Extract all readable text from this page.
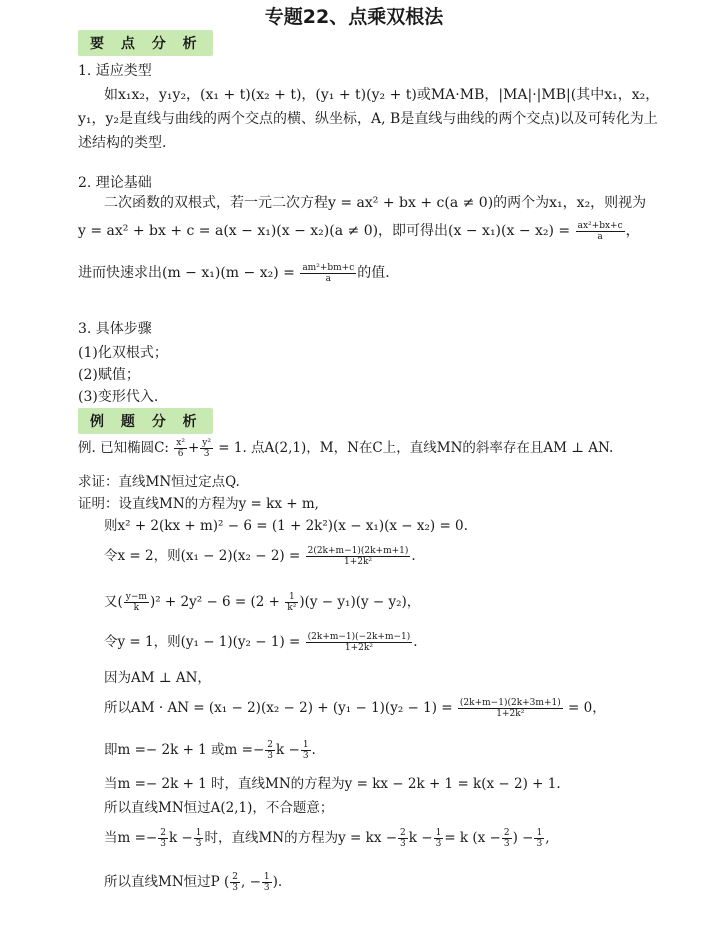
专题22、点乘双根法
要 点 分 析
1. 适应类型
如x₁x₂，y₁y₂，(x₁ + t)(x₂ + t)，(y₁ + t)(y₂ + t)或MA·MB，|MA|·|MB|(其中x₁，x₂，
y₁，y₂是直线与曲线的两个交点的横、纵坐标，A, B是直线与曲线的两个交点)以及可转化为上
述结构的类型.
2. 理论基础
二次函数的双根式，若一元二次方程y = ax² + bx + c(a ≠ 0)的两个为x₁，x₂，则视为
y = ax² + bx + c = a(x − x₁)(x − x₂)(a ≠ 0)，即可得出$(x - x_1)(x - x_2) = \frac{\text{ax²+bx+c}}{a}$ ，
进而快速求出$(m - x_1)(m - x_2) = \frac{\text{am²+bm+c}}{a}$ 的值.
3. 具体步骤
(1)化双根式；
(2)赋值；
(3)变形代入.
例 题 分 析
例. 已知椭圆C: $\frac{\text{x²}}{6} + \frac{\text{y²}}{3} = 1$. 点A(2,1)，M，N在C上，直线MN的斜率存在且AM ⊥ AN.
求证：直线MN恒过定点Q.
证明：设直线MN的方程为y = kx + m,
则x² + 2(kx + m)² − 6 = (1 + 2k²)(x − x₁)(x − x₂) = 0.
令x = 2，则$(x_1 - 2)(x_2 - 2) = \frac{2(2k+m-1)(2k+m+1)}{\text{1+2k²}}$ .
又( $\frac{y-m}{k} )^2 + 2y^2 - 6 = (2 + \frac{1}{\text{k²}} )(y - y_1)(y - y_2)$，
令y = 1，则$(y_1 - 1)(y_2 - 1) = \frac{(2k+m-1)(-2k+m-1)}{\text{1+2k²}}$ .
因为AM ⊥ AN，
所以AM · AN = $(x_1 - 2)(x_2 - 2) + (y_1 - 1)(y_2 - 1) = \frac{(2k+m-1)(2k+3m+1)}{\text{1+2k²}} = 0$，
即m =− 2k + 1 或$m =- \frac{2}{3}$ $k - \frac{1}{3}$ .
当m =− 2k + 1 时，直线MN的方程为y = kx − 2k + 1 = k(x − 2) + 1.
所以直线MN恒过A(2,1)，不合题意；
当$m =- \frac{2}{3}$ $k - \frac{1}{3}$ 时，直线MN的方程为y = kx − $\frac{2}{3}$ $k - \frac{1}{3} = k$ ($x - \frac{2}{3}$ ) − $\frac{1}{3}$ ,
所以直线MN恒过P ( $\frac{2}{3}$ , − $\frac{1}{3}$ ).
